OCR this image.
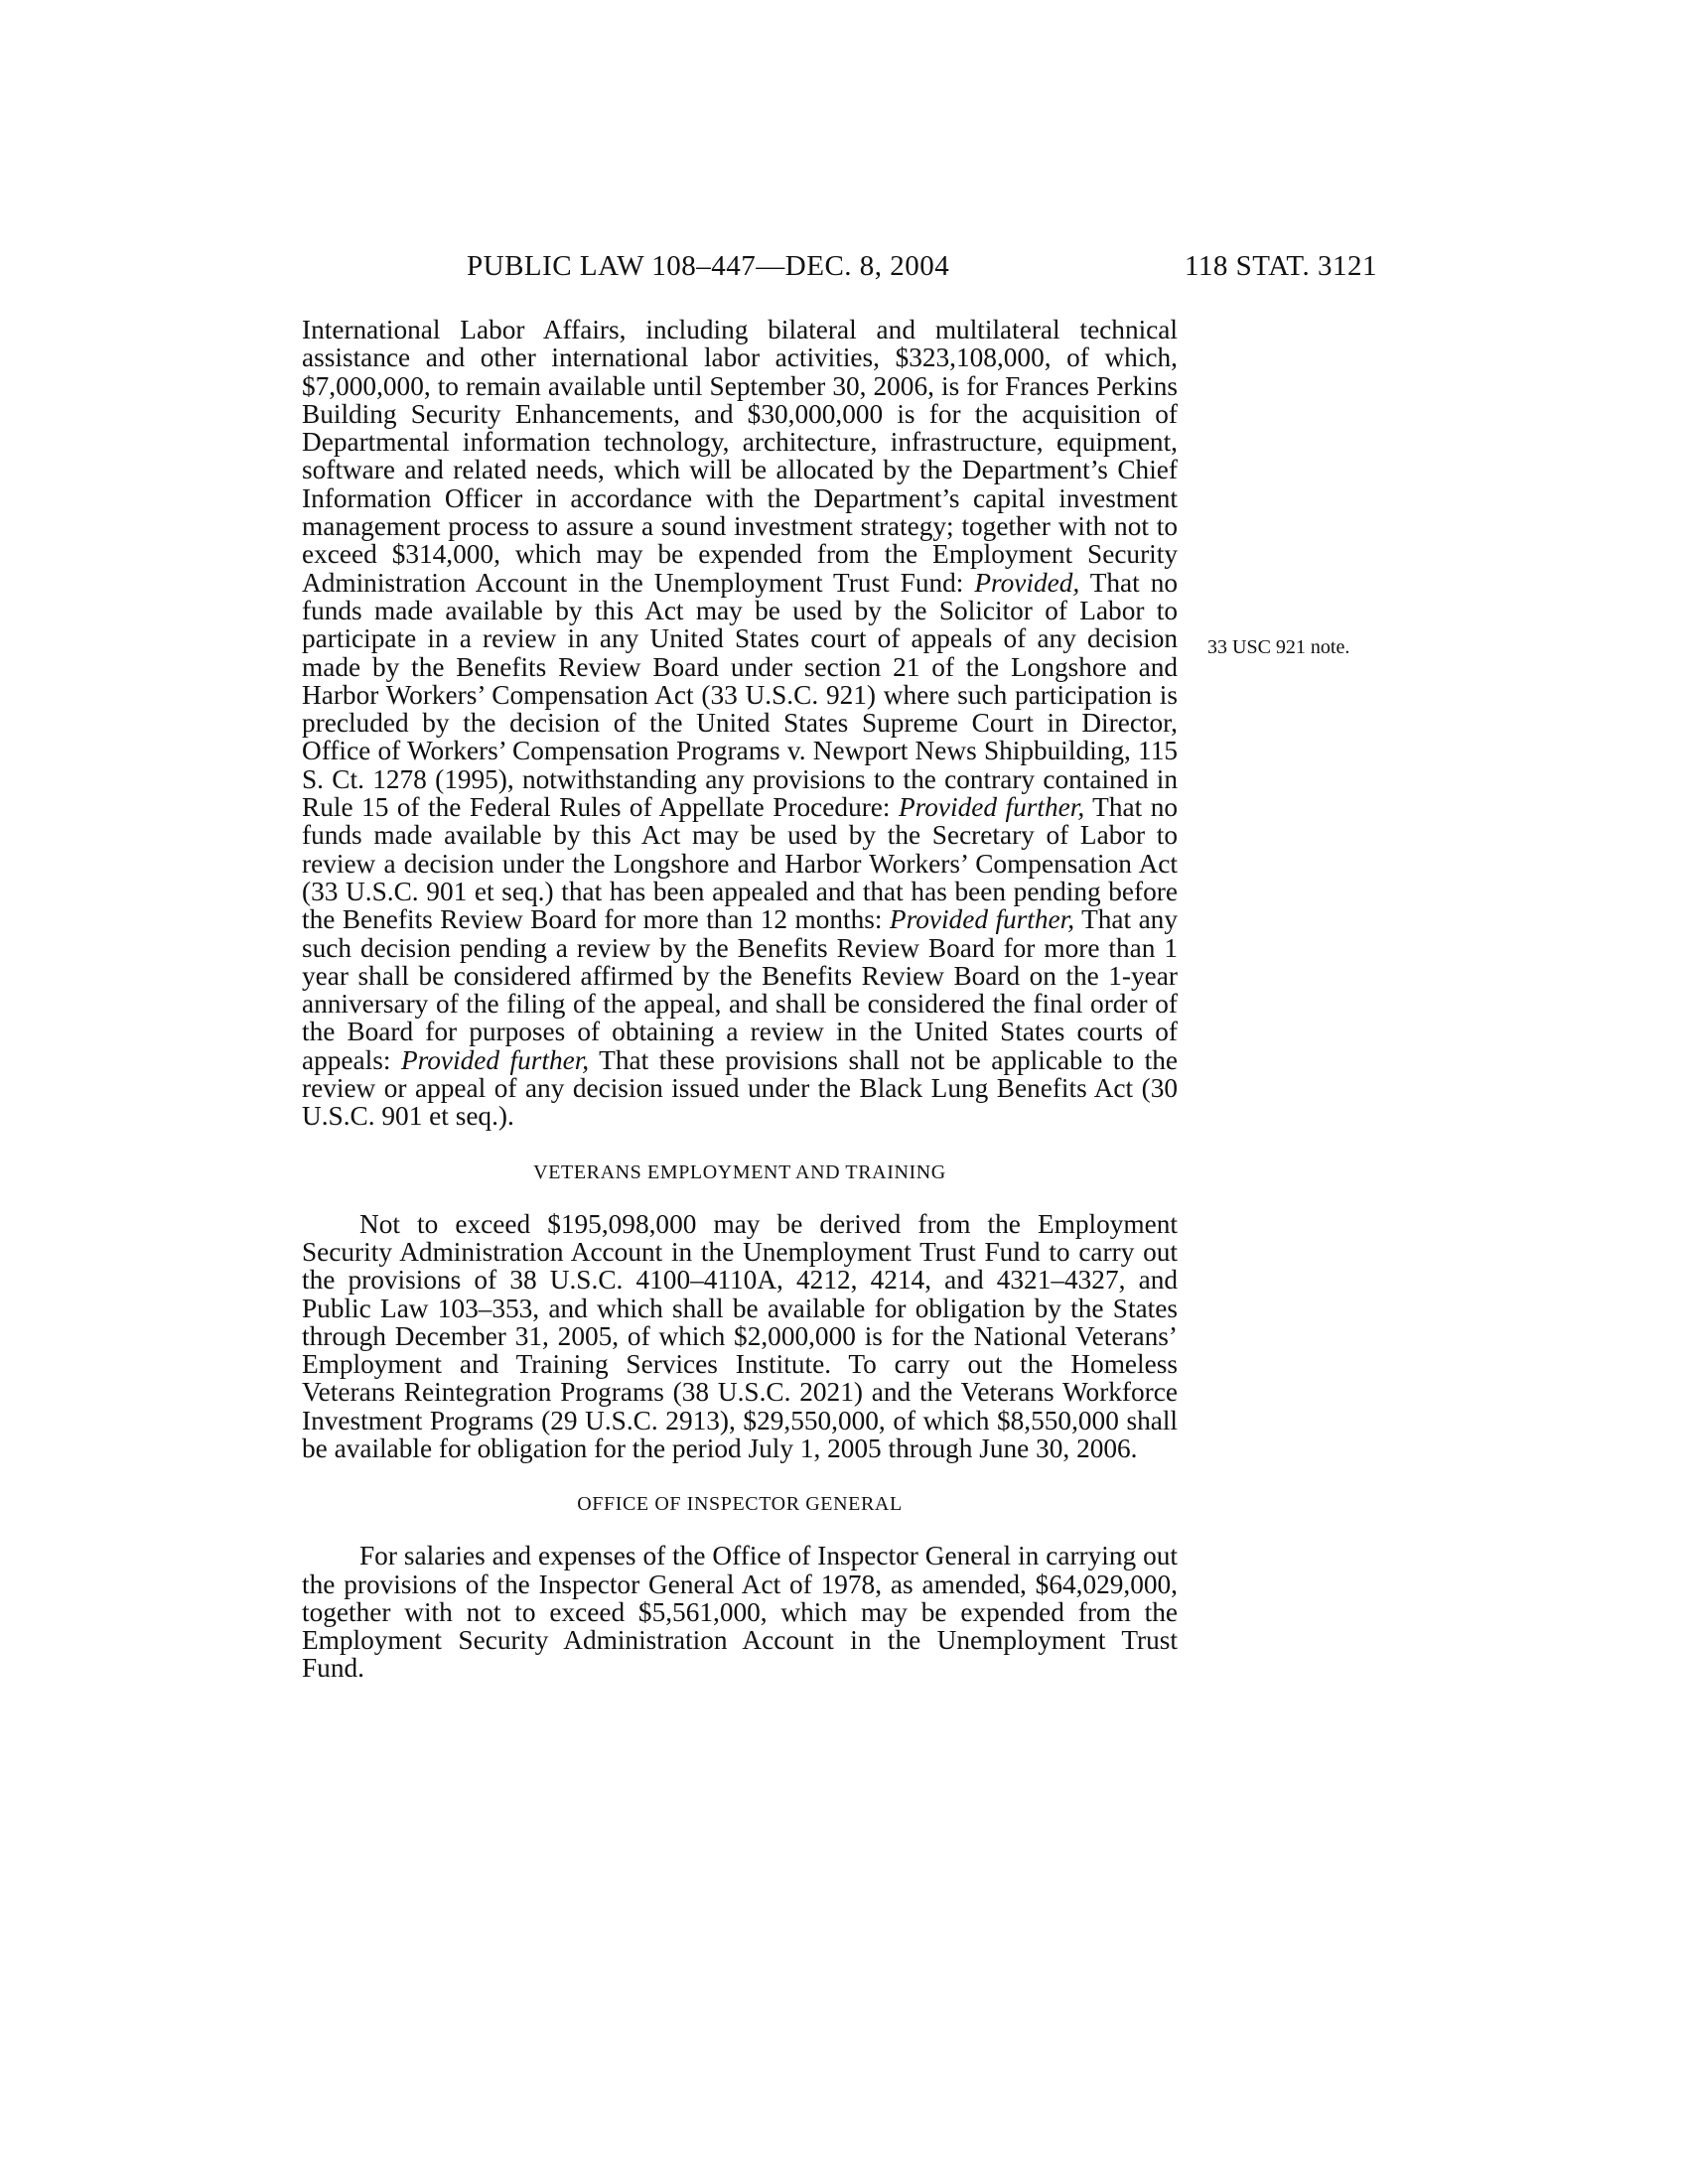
PUBLIC LAW 108–447—DEC. 8, 2004	118 STAT. 3121
33 USC 921 note.

International Labor Affairs, including bilateral and multilateral technical assistance and other international labor activities, $323,108,000, of which, $7,000,000, to remain available until September 30, 2006, is for Frances Perkins Building Security Enhancements, and $30,000,000 is for the acquisition of Departmental information technology, architecture, infrastructure, equipment, software and related needs, which will be allocated by the Department’s Chief Information Officer in accordance with the Department’s capital investment management process to assure a sound investment strategy; together with not to exceed $314,000, which may be expended from the Employment Security Administration Account in the Unemployment Trust Fund: Provided, That no funds made available by this Act may be used by the Solicitor of Labor to participate in a review in any United States court of appeals of any decision made by the Benefits Review Board under section 21 of the Longshore and Harbor Workers’ Compensation Act (33 U.S.C. 921) where such participation is precluded by the decision of the United States Supreme Court in Director, Office of Workers’ Compensation Programs v. Newport News Shipbuilding, 115 S. Ct. 1278 (1995), notwithstanding any provisions to the contrary contained in Rule 15 of the Federal Rules of Appellate Procedure: Provided further, That no funds made available by this Act may be used by the Secretary of Labor to review a decision under the Longshore and Harbor Workers’ Compensation Act (33 U.S.C. 901 et seq.) that has been appealed and that has been pending before the Benefits Review Board for more than 12 months: Provided further, That any such decision pending a review by the Benefits Review Board for more than 1 year shall be considered affirmed by the Benefits Review Board on the 1-year anniversary of the filing of the appeal, and shall be considered the final order of the Board for purposes of obtaining a review in the United States courts of appeals: Provided further, That these provisions shall not be applicable to the review or appeal of any decision issued under the Black Lung Benefits Act (30 U.S.C. 901 et seq.).

VETERANS EMPLOYMENT AND TRAINING

Not to exceed $195,098,000 may be derived from the Employment Security Administration Account in the Unemployment Trust Fund to carry out the provisions of 38 U.S.C. 4100–4110A, 4212, 4214, and 4321–4327, and Public Law 103–353, and which shall be available for obligation by the States through December 31, 2005, of which $2,000,000 is for the National Veterans’ Employment and Training Services Institute. To carry out the Homeless Veterans Reintegration Programs (38 U.S.C. 2021) and the Veterans Workforce Investment Programs (29 U.S.C. 2913), $29,550,000, of which $8,550,000 shall be available for obligation for the period July 1, 2005 through June 30, 2006.

OFFICE OF INSPECTOR GENERAL

For salaries and expenses of the Office of Inspector General in carrying out the provisions of the Inspector General Act of 1978, as amended, $64,029,000, together with not to exceed $5,561,000, which may be expended from the Employment Security Administration Account in the Unemployment Trust Fund.
